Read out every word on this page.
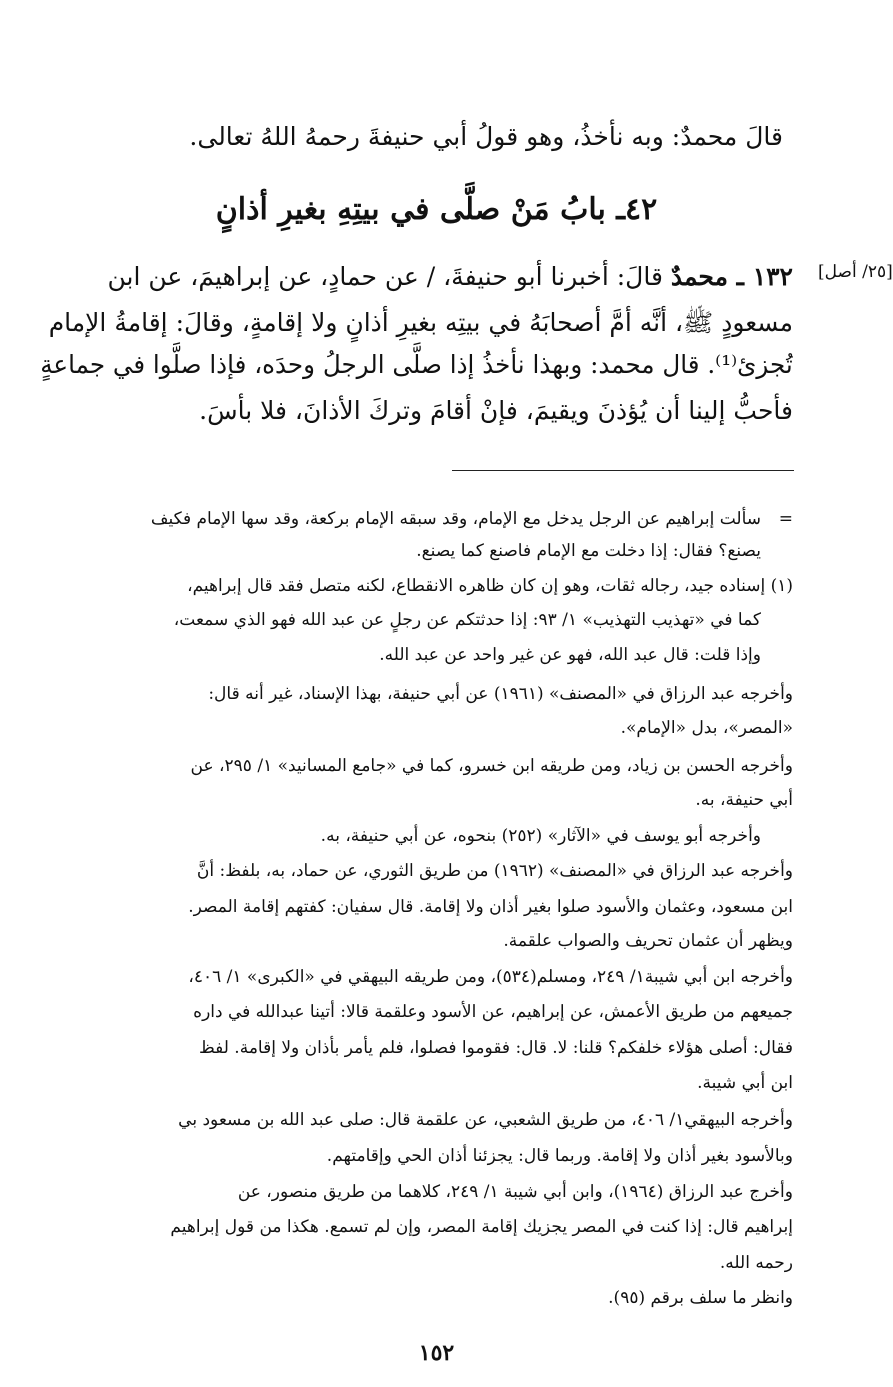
قالَ محمدٌ: وبه نأخذُ، وهو قولُ أبي حنيفةَ رحمهُ اللهُ تعالى.
٤٢ـ بابُ مَنْ صلَّى في بيتِهِ بغيرِ أذانٍ
[٢٥/ أصل]
١٣٢ ـ محمدٌ قالَ: أخبرنا أبو حنيفةَ، / عن حمادٍ، عن إبراهيمَ، عن ابن
مسعودٍ ﷺ، أنَّه أمَّ أصحابَهُ في بيتِه بغيرِ أذانٍ ولا إقامةٍ، وقالَ: إقامةُ الإمام
تُجزئ⁽¹⁾. قال محمد: وبهذا نأخذُ إذا صلَّى الرجلُ وحدَه، فإذا صلَّوا في جماعةٍ
فأحبُّ إلينا أن يُؤذنَ ويقيمَ، فإنْ أقامَ وتركَ الأذانَ، فلا بأسَ.
=
سألت إبراهيم عن الرجل يدخل مع الإمام، وقد سبقه الإمام بركعة، وقد سها الإمام فكيف
يصنع؟ فقال: إذا دخلت مع الإمام فاصنع كما يصنع.
(١) إسناده جيد، رجاله ثقات، وهو إن كان ظاهره الانقطاع، لكنه متصل فقد قال إبراهيم،
كما في «تهذيب التهذيب» ١/ ٩٣: إذا حدثتكم عن رجلٍ عن عبد الله فهو الذي سمعت،
وإذا قلت: قال عبد الله، فهو عن غير واحد عن عبد الله.
وأخرجه عبد الرزاق في «المصنف» (١٩٦١) عن أبي حنيفة، بهذا الإسناد، غير أنه قال:
«المصر»، بدل «الإمام».
وأخرجه الحسن بن زياد، ومن طريقه ابن خسرو، كما في «جامع المسانيد» ١/ ٢٩٥، عن
أبي حنيفة، به.
وأخرجه أبو يوسف في «الآثار» (٢٥٢) بنحوه، عن أبي حنيفة، به.
وأخرجه عبد الرزاق في «المصنف» (١٩٦٢) من طريق الثوري، عن حماد، به، بلفظ: أنَّ
ابن مسعود، وعثمان والأسود صلوا بغير أذان ولا إقامة. قال سفيان: كفتهم إقامة المصر.
ويظهر أن عثمان تحريف والصواب علقمة.
وأخرجه ابن أبي شيبة١/ ٢٤٩، ومسلم(٥٣٤)، ومن طريقه البيهقي في «الكبرى» ١/ ٤٠٦،
جميعهم من طريق الأعمش، عن إبراهيم، عن الأسود وعلقمة قالا: أتينا عبدالله في داره
فقال: أصلى هؤلاء خلفكم؟ قلنا: لا. قال: فقوموا فصلوا، فلم يأمر بأذان ولا إقامة. لفظ
ابن أبي شيبة.
وأخرجه البيهقي١/ ٤٠٦، من طريق الشعبي، عن علقمة قال: صلى عبد الله بن مسعود بي
وبالأسود بغير أذان ولا إقامة. وربما قال: يجزئنا أذان الحي وإقامتهم.
وأخرج عبد الرزاق (١٩٦٤)، وابن أبي شيبة ١/ ٢٤٩، كلاهما من طريق منصور، عن
إبراهيم قال: إذا كنت في المصر يجزيك إقامة المصر، وإن لم تسمع. هكذا من قول إبراهيم
رحمه الله.
وانظر ما سلف برقم (٩٥).
١٥٢
